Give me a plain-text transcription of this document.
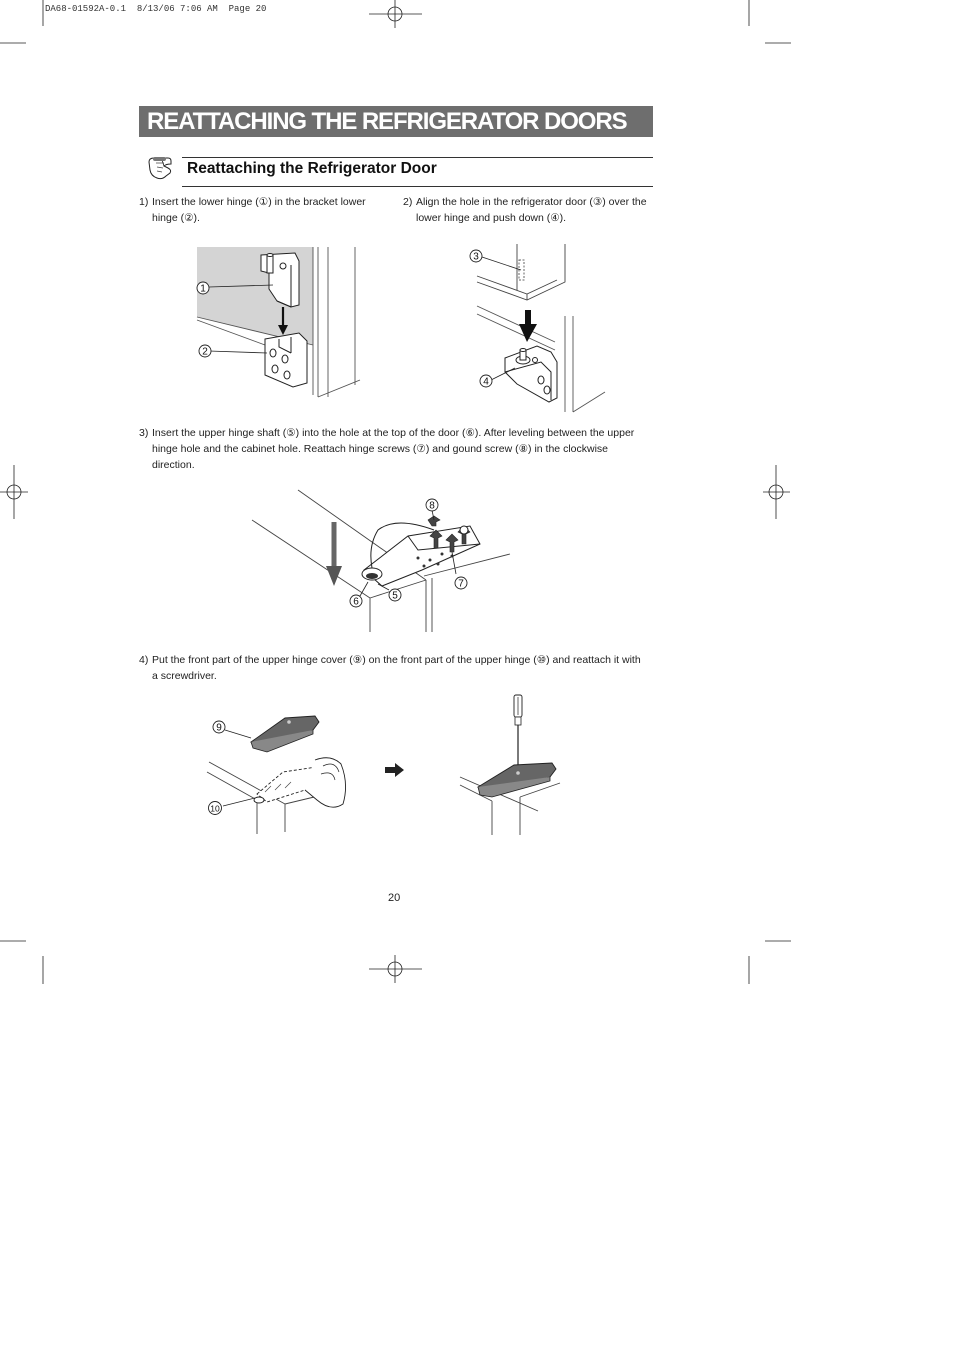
DA68-01592A-0.1  8/13/06 7:06 AM  Page 20
REATTACHING THE REFRIGERATOR DOORS
Reattaching the Refrigerator Door
1) Insert the lower hinge (①) in the bracket lower hinge (②).
2) Align the hole in the refrigerator door (③) over the lower hinge and push down (④).
1
2
3
4
3) Insert the upper hinge shaft (⑤) into the hole at the top of the door (⑥). After leveling between the upper hinge hole and the cabinet hole. Reattach hinge screws (⑦) and gound screw (⑧) in the clockwise direction.
8
7
6
5
4) Put the front part of the upper hinge cover (⑨) on the front part of the upper hinge (⑩) and reattach it with a screwdriver.
9
10
20
